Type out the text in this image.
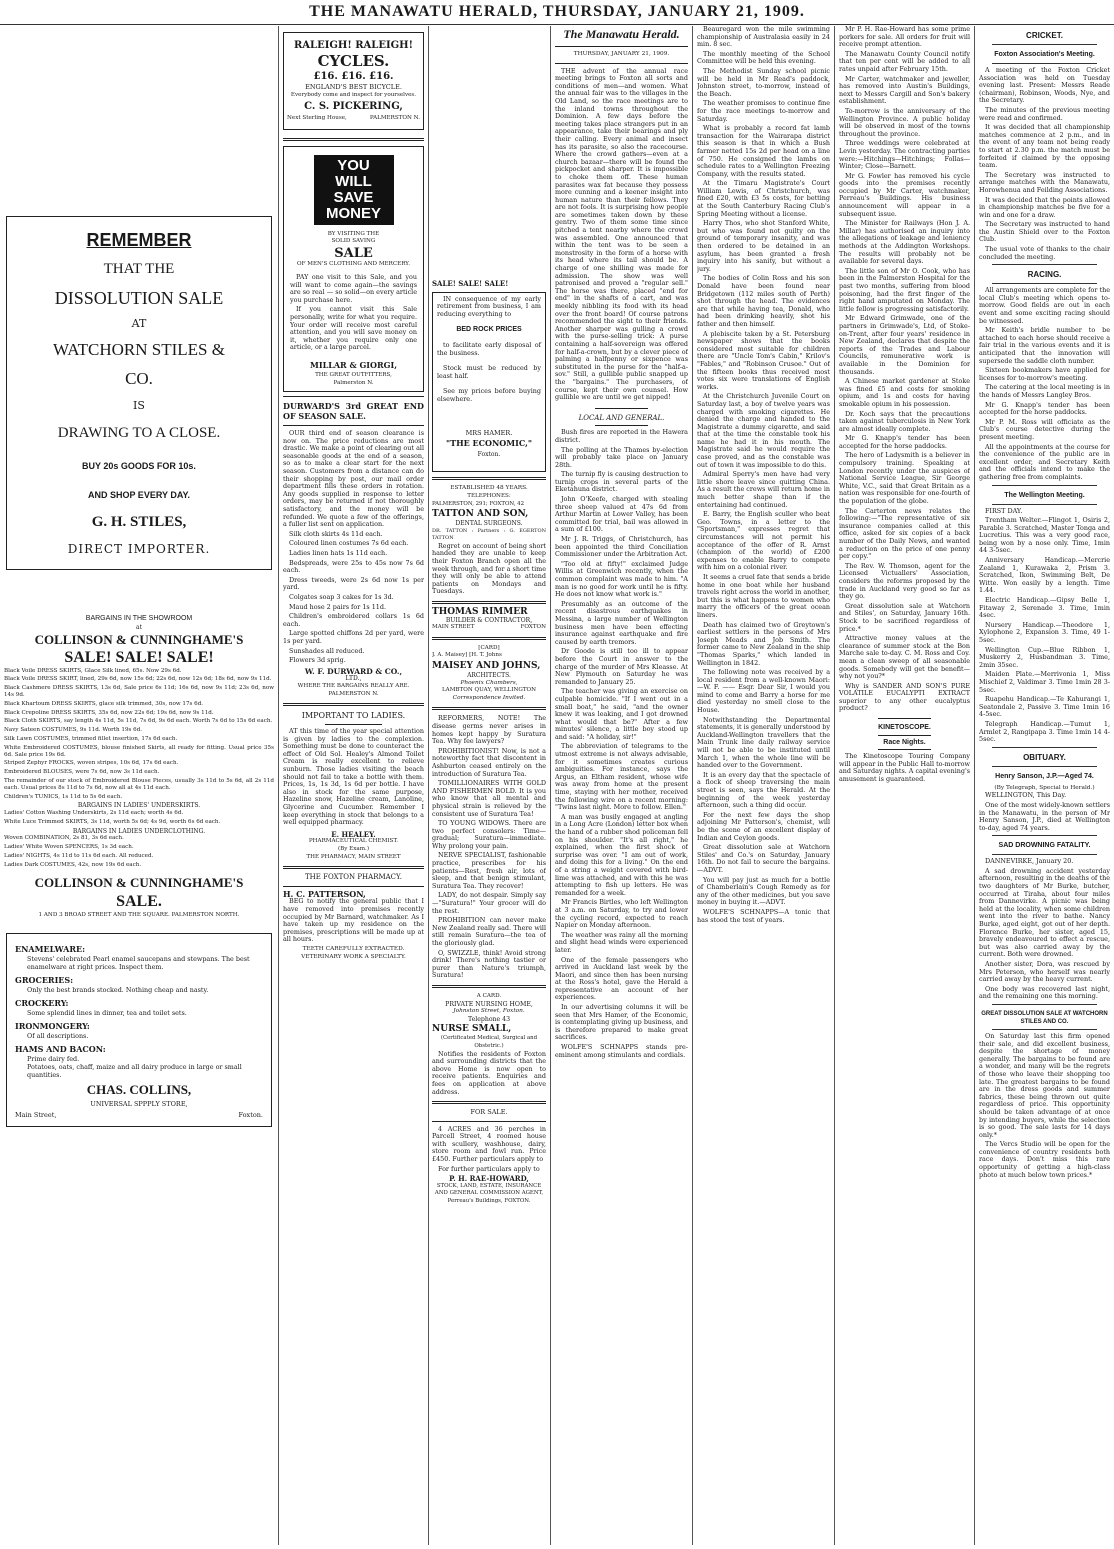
THE MANAWATU HERALD, THURSDAY, JANUARY 21, 1909.
REMEMBER
THAT THE
DISSOLUTION SALE
AT
WATCHORN STILES &
CO.
IS
DRAWING TO A CLOSE.
BUY 20s GOODS FOR 10s.
AND SHOP EVERY DAY.
G. H. STILES,
DIRECT IMPORTER.
BARGAINS IN THE SHOWROOM
at
COLLINSON & CUNNINGHAME'S
SALE! SALE! SALE!

Black Voile DRESS SKIRTS, Glace Silk lined, 65s. Now 29s 6d.

Black Voile DRESS SKIRT, lined, 29s 6d, now 15s 6d; 22s 6d, now 12s 6d; 18s 6d, now 9s 11d.

Black Cashmere DRESS SKIRTS, 13s 6d, Sale price 6s 11d; 16s 6d, now 9s 11d; 23s 6d, now 14s 9d.

Black Khartoum DRESS SKIRTS, glace silk trimmed, 30s, now 17s 6d.

Black Crepoline DRESS SKIRTS, 35s 6d, now 22s 6d; 19s 6d, now 9s 11d.

Black Cloth SKIRTS, say length 4s 11d, 5s 11d, 7s 6d, 9s 6d each. Worth 7s 6d to 15s 6d each.

Navy Sateen COSTUMES, 9s 11d. Worth 19s 6d.

Silk Lawn COSTUMES, trimmed fillet insertion, 17s 6d each.

White Embroidered COSTUMES, blouse finished Skirts, all ready for fitting. Usual price 35s 6d. Sale price 19s 6d.

Striped Zephyr FROCKS, woven stripes, 10s 6d, 17s 6d each.

Embroidered BLOUSES, were 7s 6d, now 3s 11d each.

The remainder of our stock of Embroidered Blouse Pieces, usually 3s 11d to 5s 6d, all 2s 11d each. Usual prices 8s 11d to 7s 6d, now all at 4s 11d each.

Children's TUNICS, 1s 11d to 5s 6d each.

BARGAINS IN LADIES' UNDERSKIRTS.

Ladies' Cotton Washing Underskirts, 2s 11d each; worth 4s 6d.

White Luce Trimmed SKIRTS, 3s 11d, worth 5s 6d; 4s 9d, worth 6s 6d each.

BARGAINS IN LADIES UNDERCLOTHING.

Woven COMBINATION, 2s 81, 3s 6d each.

Ladies' White Woven SPENCERS, 1s 3d each.

Ladies' NIGHTS, 4s 11d to 11s 6d each. All reduced.

Ladies Dark COSTUMES, 42s, now 19s 6d each.

COLLINSON & CUNNINGHAME'S
SALE.
1 AND 3 BROAD STREET AND THE SQUARE. PALMERSTON NORTH.
ENAMELWARE:
Stevens' celebrated Pearl enamel saucepans and stewpans. The best enamelware at right prices. Inspect them.
GROCERIES:
Only the best brands stocked. Nothing cheap and nasty.
CROCKERY:
Some splendid lines in dinner, tea and toilet sets.
IRONMONGERY:
Of all descriptions.
HAMS AND BACON:
Prime dairy fed.
Potatoes, oats, chaff, maize and all dairy produce in large or small quantities.
CHAS. COLLINS,
UNIVERSAL SPPPLY STORE,
Main Street,	Foxton.
RALEIGH! RALEIGH!
CYCLES.
£16. £16. £16.
ENGLAND'S BEST BICYCLE.
Everybody come and inspect for yourselves.
C. S. PICKERING,
Next Sterling House,	PALMERSTON N.
YOU
WILL
SAVE
MONEY
BY VISITING THE
SOLID SAVING
SALE
OF MEN'S CLOTHING AND MERCERY.

PAY one visit to this Sale, and you will want to come again—the savings are so real — so solid—on every article you purchase here.

If you cannot visit this Sale personally, write for what you require. Your order will receive most careful attention, and you will save money on it, whether you require only one article, or a large parcel.

MILLAR & GIORGI,
THE GREAT OUTFITTERS,
Palmerston N.
DURWARD'S 3rd GREAT END OF SEASON SALE.

OUR third end of season clearance is now on. The price reductions are most drastic. We make a point of clearing out all seasonable goods at the end of a season, so as to make a clear start for the next season. Customers from a distance can do their shopping by post, our mail order department fills these orders in rotation. Any goods supplied in response to letter orders, may be returned if not thoroughly satisfactory, and the money will be refunded. We quote a few of the offerings, a fuller list sent on application.

Silk cloth skirts 4s 11d each.

Coloured linen costumes 7s 6d each.

Ladies linen hats 1s 11d each.

Bedspreads, were 25s to 45s now 7s 6d each.

Dress tweeds, were 2s 6d now 1s per yard.

Colgates soap 3 cakes for 1s 3d.

Maud hose 2 pairs for 1s 11d.

Children's embroidered collars 1s 6d each.

Large spotted chiffons 2d per yard, were 1s per yard.

Sunshades all reduced.

Flowers 3d sprig.

W. F. DURWARD & CO.,
LTD.,
WHERE THE BARGAINS REALLY ARE.
PALMERSTON N.
IMPORTANT TO LADIES.

AT this time of the year special attention is given by ladies to the complexion. Something must be done to counteract the effect of Old Sol. Healey's Almond Toilet Cream is really excellent to relieve sunburn. Those ladies visiting the beach should not fail to take a bottle with them. Prices, 1s, 1s 3d, 1s 6d per bottle. I have also in stock for the same purpose, Hazeline snow, Hazeline cream, Lanoline, Glycerine and Cucumber. Remember I keep everything in stock that belongs to a well equipped pharmacy.

E. HEALEY.
PHARMACEUTICAL CHEMIST.
(By Exam.)
THE PHARMACY, MAIN STREET
THE FOXTON PHARMACY.
H. C. PATTERSON,

BEG to notify the general public that I have removed into premises recently occupied by Mr Barnard, watchmaker. As I have taken up my residence on the premises, prescriptions will be made up at all hours.

TEETH CAREFULLY EXTRACTED.
VETERINARY WORK A SPECIALTY.
SALE! SALE! SALE!

IN consequence of my early retirement from business, I am reducing everything to

BED ROCK PRICES

to facilitate early disposal of the business.

Stock must be reduced by least half.

See my prices before buying elsewhere.

MRS HAMER.
"THE ECONOMIC,"
Foxton.
ESTABLISHED 48 YEARS.
TELEPHONES:
PALMERSTON, 291; FOXTON, 42
TATTON AND SON,
DENTAL SURGEONS.
DR. TATTON : Partners : G. EGERTON TATTON

Regret on account of being short handed they are unable to keep their Foxton Branch open all the week through, and for a short time they will only be able to attend patients on Mondays and Tuesdays.

THOMAS RIMMER
BUILDER & CONTRACTOR,
MAIN STREET	FOXTON
[CARD]
J. A. Maisey] [H. T. Johns
MAISEY AND JOHNS,
ARCHITECTS.
Phoenix Chambers,
LAMBTON QUAY, WELLINGTON
Correspondence Invited.

REFORMERS, NOTE! The disease germs never arises in homes kept happy by Suratura Tea. Why fee lawyers?

PROHIBITIONIST! Now, is not a noteworthy fact that discontent in Ashburton ceased entirely on the introduction of Suratura Tea.

TOMILLIONAIRES WITH GOLD AND FISHERMEN BOLD. It is you who know that all mental and physical strain is relieved by the consistent use of Suratura Tea!

TO YOUNG WIDOWS. There are two perfect consolers: Time—gradual; Suratura—immediate. Why prolong your pain.

NERVE SPECIALIST, fashionable practice, prescribes for his patients—Rest, fresh air, lots of sleep, and that benign stimulant, Suratura Tea. They recover!

LADY, do not despair. Simply say—"Suratura!" Your grocer will do the rest.

PROHIBITION can never make New Zealand really sad. There will still remain Suratura—the tea of the gloriously glad.

O, SWIZZLE, think! Avoid strong drink! There's nothing tastier or purer than Nature's triumph, Suratura!

A CARD.
PRIVATE NURSING HOME,
Johnston Street, Foxton.
Telephone 43
NURSE SMALL,
(Certificated Medical, Surgical and Obstetric.)

Notifies the residents of Foxton and surrounding districts that the above Home is now open to receive patients. Enquiries and fees on application at above address.

FOR SALE.

4 ACRES and 36 perches in Parcell Street, 4 roomed house with scullery, washhouse, dairy, store room and fowl run. Price £450. Further particulars apply to

For further particulars apply to

P. H. RAE-HOWARD,
STOCK, LAND, ESTATE, INSURANCE AND GENERAL COMMISSION AGENT,
Perreau's Buildings, FOXTON.
The Manawatu Herald.
THURSDAY, JANUARY 21, 1909.

THE advent of the annual race meeting brings to Foxton all sorts and conditions of men—and women. What the annual fair was to the villages in the Old Land, so the race meetings are to the inland towns throughout the Dominion. A few days before the meeting takes place strangers put in an appearance, take their bearings and ply their calling. Every animal and insect has its parasite, so also the racecourse. Where the crowd gathers—even at a church bazaar—there will be found the pickpocket and sharper. It is impossible to choke them off. These human parasites wax fat because they possess more cunning and a keener insight into human nature than their fellows. They are not fools. It is surprising how people are sometimes taken down by these gentry. Two of them some time since pitched a tent nearby where the crowd was assembled. One announced that within the tent was to be seen a monstrosity in the form of a horse with its head where its tail should be. A charge of one shilling was made for admission. The show was well patronised and proved a "regular sell." The horse was there, placed "end for end" in the shafts of a cart, and was meekly nibbling its food with its head over the front board! Of course patrons recommended the sight to their friends. Another sharper was gulling a crowd with the purse-selling trick: A purse containing a half-sovereign was offered for half-a-crown, but by a clever piece of palming a halfpenny or sixpence was substituted in the purse for the "half-a-sov." Still, a gullible public snapped up the "bargains." The purchasers, of course, kept their own counsel. How gullible we are until we get nipped!

LOCAL AND GENERAL.

Bush fires are reported in the Hawera district.

The polling at the Thames by-election will probably take place on January 28th.

The turnip fly is causing destruction to turnip crops in several parts of the Eketahuna district.

John O'Keefe, charged with stealing three sheep valued at 47s 6d from Arthur Martin at Lower Valley, has been committed for trial, bail was allowed in a sum of £100.

Mr J. R. Triggs, of Christchurch, has been appointed the third Conciliation Commissioner under the Arbitration Act.

"Too old at fifty!" exclaimed Judge Willis at Greenwich recently, when the common complaint was made to him. "A man is no good for work until he is fifty. He does not know what work is."

Presumably as an outcome of the recent disastrous earthquakes in Messina, a large number of Wellington business men have been effecting insurance against earthquake and fire caused by earth tremors.

Dr Goode is still too ill to appear before the Court in answer to the charge of the murder of Mrs Kleasse. At New Plymouth on Saturday he was remanded to January 25.

The teacher was giving an exercise on culpable homicide. "If I went out in a small boat," he said, "and the owner knew it was leaking, and I got drowned what would that be?" After a few minutes' silence, a little boy stood up and said: "A holiday, sir!"

The abbreviation of telegrams to the utmost extreme is not always advisable, for it sometimes creates curious ambiguities. For instance, says the Argus, an Eltham resident, whose wife was away from home at the present time, staying with her mother, received the following wire on a recent morning: "Twins last night. More to follow. Ellen."

A man was busily engaged at angling in a Long Acre (London) letter box when the hand of a rubber shod policeman fell on his shoulder. "It's all right," he explained, when the first shock of surprise was over. "I am out of work, and doing this for a living." On the end of a string a weight covered with bird-lime was attached, and with this he was attempting to fish up letters. He was remanded for a week.

Mr Francis Birtles, who left Wellington at 3 a.m. on Saturday, to try and lower the cycling record, expected to reach Napier on Monday afternoon.

The weather was rainy all the morning and slight head winds were experienced later.

One of the female passengers who arrived in Auckland last week by the Maori, and since then has been nursing at the Ross's hotel, gave the Herald a representative an account of her experiences.

In our advertising columns it will be seen that Mrs Hamer, of the Economic, is contemplating giving up business, and is therefore prepared to make great sacrifices.

WOLFE'S SCHNAPPS stands pre-eminent among stimulants and cordials.

Beauregard won the mile swimming championship of Australasia easily in 24 min. 8 sec.

The monthly meeting of the School Committee will be held this evening.

The Methodist Sunday school picnic will be held in Mr Read's paddock, Johnston street, to-morrow, instead of the Beach.

The weather promises to continue fine for the race meetings to-morrow and Saturday.

What is probably a record fat lamb transaction for the Wairarapa district this season is that in which a Bush farmer netted 15s 2d per head on a line of 750. He consigned the lambs on schedule rates to a Wellington Freezing Company, with the results stated.

At the Timaru Magistrate's Court William Lewis, of Christchurch, was fined £20, with £3 5s costs, for betting at the South Canterbury Racing Club's Spring Meeting without a license.

Harry Thos, who shot Stanford White, but who was found not guilty on the ground of temporary insanity, and was then ordered to be detained in an asylum, has been granted a fresh inquiry into his sanity, but without a jury.

The bodies of Colin Ross and his son Donald have been found near Bridgetown (112 miles south of Perth) shot through the head. The evidences are that while having tea, Donald, who had been drinking heavily, shot his father and then himself.

A plebiscite taken by a St. Petersburg newspaper shows that the books considered most suitable for children there are "Uncle Tom's Cabin," Krilov's "Fables," and "Robinson Crusoe." Out of the fifteen books thus received most votes six were translations of English works.

At the Christchurch Juvenile Court on Saturday last, a boy of twelve years was charged with smoking cigarettes. He denied the charge and handed to the Magistrate a dummy cigarette, and said that at the time the constable took his name he had it in his mouth. The Magistrate said he would require the case proved, and as the constable was out of town it was impossible to do this.

Admiral Sperry's men have had very little shore leave since quitting China. As a result the crews will return home in much better shape than if the entertaining had continued.

E. Barry, the English sculler who beat Geo. Towns, in a letter to the "Sportsman," expresses regret that circumstances will not permit his acceptance of the offer of R. Arnst (champion of the world) of £200 expenses to enable Barry to compete with him on a colonial river.

It seems a cruel fate that sends a bride home in one boat while her husband travels right across the world in another, but this is what happens to women who marry the officers of the great ocean liners.

Death has claimed two of Greytown's earliest settlers in the persons of Mrs Joseph Meads and Job Smith. The former came to New Zealand in the ship "Thomas Sparks," which landed in Wellington in 1842.

The following note was received by a local resident from a well-known Maori:—W. F. —— Esqr. Dear Sir, I would you mind to come and Barry a horse for me died yesterday no smell close to the House.

Notwithstanding the Departmental statements, it is generally understood by Auckland-Wellington travellers that the Main Trunk line daily railway service will not be able to be instituted until March 1, when the whole line will be handed over to the Government.

It is an every day that the spectacle of a flock of sheep traversing the main street is seen, says the Herald. At the beginning of the week yesterday afternoon, such a thing did occur.

For the next few days the shop adjoining Mr Patterson's, chemist, will be the scene of an excellent display of Indian and Ceylon goods.

Great dissolution sale at Watchorn Stiles' and Co.'s on Saturday, January 16th. Do not fail to secure the bargains.—ADVT.

You will pay just as much for a bottle of Chamberlain's Cough Remedy as for any of the other medicines, but you save money in buying it.—ADVT.

WOLFE'S SCHNAPPS—A tonic that has stood the test of years.

Mr P. H. Rae-Howard has some prime porkers for sale. All orders for fruit will receive prompt attention.

The Manawatu County Council notify that ten per cent will be added to all rates unpaid after February 15th.

Mr Carter, watchmaker and jeweller, has removed into Austin's Buildings, next to Messrs Cargill and Son's bakery establishment.

To-morrow is the anniversary of the Wellington Province. A public holiday will be observed in most of the towns throughout the province.

Three weddings were celebrated at Levin yesterday. The contracting parties were:—Hitchings—Hitchings; Follas—Winter; Close—Barnett.

Mr G. Fowler has removed his cycle goods into the premises recently occupied by Mr Carter, watchmaker, Perreau's Buildings. His business announcement will appear in a subsequent issue.

The Minister for Railways (Hon J. A. Millar) has authorised an inquiry into the allegations of leakage and leniency methods at the Addington Workshops. The results will probably not be available for several days.

The little son of Mr O. Cook, who has been in the Palmerston Hospital for the past two months, suffering from blood poisoning, had the first finger of the right hand amputated on Monday. The little fellow is progressing satisfactorily.

Mr Edward Grimwade, one of the partners in Grimwade's, Ltd, of Stoke-on-Trent, after four years' residence in New Zealand, declares that despite the reports of the Trades and Labour Councils, remunerative work is available in the Dominion for thousands.

A Chinese market gardener at Stoke was fined £5 and costs for smoking opium, and 1s and costs for having smokable opium in his possession.

Dr. Koch says that the precautions taken against tuberculosis in New York are almost ideally complete.

Mr G. Knapp's tender has been accepted for the horse paddocks.

The hero of Ladysmith is a believer in compulsory training. Speaking at London recently under the auspices of National Service League, Sir George White, V.C., said that Great Britain as a nation was responsible for one-fourth of the population of the globe.

The Carterton news relates the following:—"The representative of six insurance companies called at this office, asked for six copies of a back number of the Daily News, and wanted a reduction on the price of one penny per copy."

The Rev. W. Thomson, agent for the Licensed Victuallers' Association, considers the reforms proposed by the trade in Auckland very good so far as they go.

Great dissolution sale at Watchorn and Stiles', on Saturday, January 16th. Stock to be sacrificed regardless of price.*

Attractive money values at the clearance of summer stock at the Bon Marche sale to-day. C. M. Ross and Coy. mean a clean sweep of all seasonable goods. Somebody will get the benefit—why not you?*

Why is SANDER AND SON'S PURE VOLATILE EUCALYPTI EXTRACT superior to any other eucalyptus product?

KINETOSCOPE.
Race Nights.

The Kinetoscope Touring Company will appear in the Public Hall to-morrow and Saturday nights. A capital evening's amusement is guaranteed.

CRICKET.
Foxton Association's Meeting.

A meeting of the Foxton Cricket Association was held on Tuesday evening last. Present: Messrs Reade (chairman), Robinson, Woods, Nye, and the Secretary.

The minutes of the previous meeting were read and confirmed.

It was decided that all championship matches commence at 2 p.m., and in the event of any team not being ready to start at 2.30 p.m. the match must be forfeited if claimed by the opposing team.

The Secretary was instructed to arrange matches with the Manawatu, Horowhenua and Feilding Associations.

It was decided that the points allowed in championship matches be five for a win and one for a draw.

The Secretary was instructed to hand the Austin Shield over to the Foxton Club.

The usual vote of thanks to the chair concluded the meeting.

RACING.

All arrangements are complete for the local Club's meeting which opens to-morrow. Good fields are out in each event and some exciting racing should be witnessed.

Mr Keith's bridle number to be attached to each horse should receive a fair trial in the various events and it is anticipated that the innovation will supersede the saddle cloth number.

Sixteen bookmakers have applied for licenses for to-morrow's meeting.

The catering at the local meeting is in the hands of Messrs Langley Bros.

Mr G. Knapp's tender has been accepted for the horse paddocks.

Mr P. M. Ross will officiate as the Club's course detective during the present meeting.

All the appointments at the course for the convenience of the public are in excellent order, and Secretary Keith and the officials intend to make the gathering free from complaints.

The Wellington Meeting.

FIRST DAY.

Trentham Welter.—Flingot 1, Osiris 2, Parable 3. Scratched, Master Tonga and Lucretius. This was a very good race, being won by a nose only. Time, 1min 44 3-5sec.

Anniversary Handicap.—Mercrie Zealand 1, Kurawaka 2, Prism 3. Scratched, Ikon, Swimming Belt, De Witte. Won easily by a length. Time 1.44.

Electric Handicap.—Gipsy Belle 1, Fitaway 2, Serenade 3. Time, 1min 4sec.

Nursery Handicap.—Theodore 1, Xylophone 2, Expansion 3. Time, 49 1-5sec.

Wellington Cup.—Blue Ribbon 1, Muskerry 2, Husbandman 3. Time, 2min 35sec.

Maiden Plate.—Merrivonia 1, Miss Mischief 2, Valdimar 3. Time 1min 28 3-5sec.

Ruapehu Handicap.—Te Kahurangi 1, Seatondale 2, Passive 3. Time 1min 16 4-5sec.

Telegraph Handicap.—Tumut 1, Armlet 2, Rangipapa 3. Time 1min 14 4-5sec.

OBITUARY.
Henry Sanson, J.P.—Aged 74.
(By Telegraph, Special to Herald.)

WELLINGTON, This Day.

One of the most widely-known settlers in the Manawatu, in the person of Mr Henry Sanson, J.P., died at Wellington to-day, aged 74 years.

SAD DROWNING FATALITY.

DANNEVIRKE, January 20.

A sad drowning accident yesterday afternoon, resulting in the deaths of the two daughters of Mr Burke, butcher, occurred at Tiraha, about four miles from Dannevirke. A picnic was being held at the locality, when some children went into the river to bathe. Nancy Burke, aged eight, got out of her depth. Florence Burke, her sister, aged 15, bravely endeavoured to effect a rescue, but was also carried away by the current. Both were drowned.

Another sister, Dora, was rescued by Mrs Peterson, who herself was nearly carried away by the heavy current.

One body was recovered last night, and the remaining one this morning.

GREAT DISSOLUTION SALE AT WATCHORN STILES AND CO.

On Saturday last this firm opened their sale, and did excellent business, despite the shortage of money generally. The bargains to be found are a wonder, and many will be the regrets of those who leave their shopping too late. The greatest bargains to be found are in the dress goods and summer fabrics, these being thrown out quite regardless of price. This opportunity should be taken advantage of at once by intending buyers, while the selection is so good. The sale lasts for 14 days only.*

The Vercs Studio will be open for the convenience of country residents both race days. Don't miss this rare opportunity of getting a high-class photo at much below town prices.*
